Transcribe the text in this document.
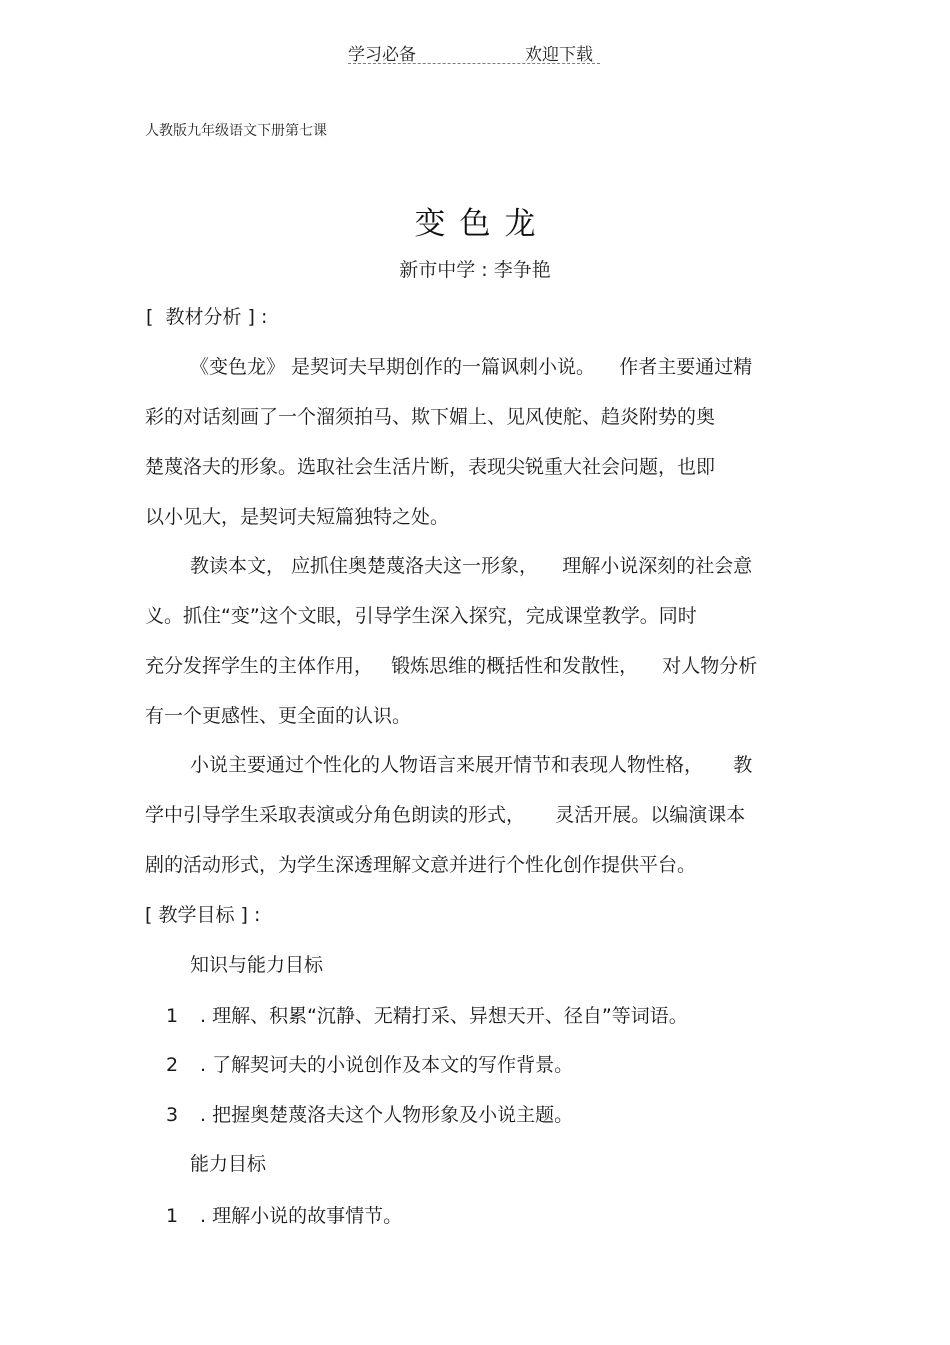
学习必备	欢迎下载
人教版九年级语文下册第七课
变色龙
新市中学 : 李争艳
[  教材分析 ] :
《变色龙》 是契诃夫早期创作的一篇讽刺小说。    作者主要通过精
彩的对话刻画了一个溜须拍马、欺下媚上、见风使舵、趋炎附势的奥
楚蔑洛夫的形象。选取社会生活片断，表现尖锐重大社会问题，也即
以小见大，是契诃夫短篇独特之处。
教读本文， 应抓住奥楚蔑洛夫这一形象，    理解小说深刻的社会意
义。抓住“变”这个文眼，引导学生深入探究，完成课堂教学。同时
充分发挥学生的主体作用，   锻炼思维的概括性和发散性，    对人物分析
有一个更感性、更全面的认识。
小说主要通过个性化的人物语言来展开情节和表现人物性格，     教
学中引导学生采取表演或分角色朗读的形式，     灵活开展。以编演课本
剧的活动形式，为学生深透理解文意并进行个性化创作提供平台。
[ 教学目标 ] :
知识与能力目标
1 . 理解、积累“沉静、无精打采、异想天开、径自”等词语。
2 . 了解契诃夫的小说创作及本文的写作背景。
3 . 把握奥楚蔑洛夫这个人物形象及小说主题。
能力目标
1 . 理解小说的故事情节。
